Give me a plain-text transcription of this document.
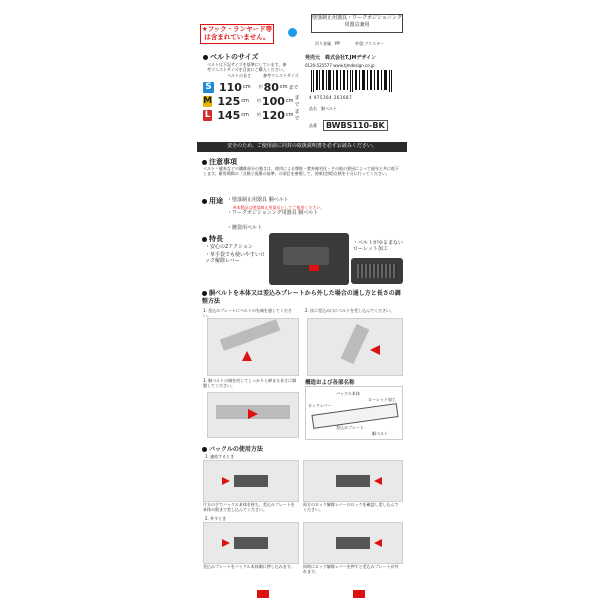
★フック・ランヤード等は含まれていません。
墜落制止用器具・ワークポジショニング用器具兼用
吊り金属 PP	外袋:ブリスター
ベルトのサイズ
ベルトは下記サイズを基準にしています。参考ウエストサイズを目安にご購入ください。
ベルトの長さ	参考ウエストサイズ
S 110 cm 約 80 cm まで
M 125 cm 約 100 cm まで
L 145 cm 約 120 cm まで
発売元　 株式会社T.JMデザイン
0120-525577 www.tjmdesign.co.jp
4 975364 261687
品名　胴ベルト
品番	BWBS110-BK
安全のため、ご使用前に同封の取扱説明書を必ずお読みください。
注意事項
ベルト・縫糸などの繊維部分の強さは、使用による摩耗・紫外線劣化・その他の要因によって経年と共に低下します。耐用期間の「点検と廃棄の基準」の項目を参照して、効果(定期)点検を十分に行ってください。
用途 ・墜落制止用器具 胴ベルト
※本製品は墜落制止用器具としてご使用ください。
・ワークポジショニング用器具 胴ベルト
・腰袋用ベルト
特長
・安心の2アクション
・革手袋でも使いやすいロック解除レバー
・ベルトがゆるまないローレット加工
胴ベルトを本体又は差込みプレートから外した場合の通し方と長さの調整方法
1. 差込みプレートにベルトの先端を通してください。
2. 次に差込み口にベルトを差し込んでください。
3. 胴ベルトの端を戻してしっかりと締まる長さに調整してください。	構造および各部名称
バックル本体
ロックレバー
差込みプレート
胴ベルト
ローレット加工
バックルの使用方法
1. 連結するとき
片方の手でバックル本体を持ち、差込みプレートを本体の奥まで差し込んでください。
両方のロック解除レバーのロックを確認し差し込んでください。
2. 外すとき
差込みプレートをバックル本体側に押し込みます。	同時にロック解除レバーを押すと差込みプレートが外れます。
